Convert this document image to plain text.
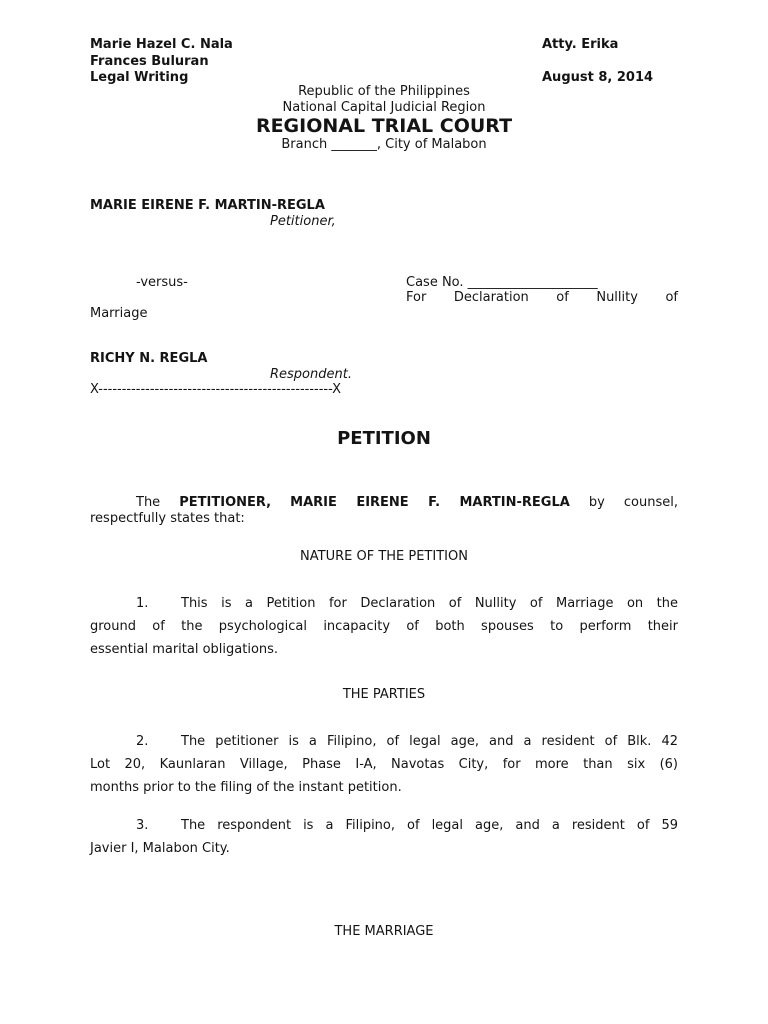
Marie Hazel C. Nala	Atty. Erika
Frances Buluran
Legal Writing	August 8, 2014
Republic of the Philippines
National Capital Judicial Region
REGIONAL TRIAL COURT
Branch _______, City of Malabon
MARIE EIRENE F. MARTIN-REGLA
Petitioner,
-versus-	Case No. ____________________
For Declaration of Nullity of
Marriage
RICHY N. REGLA
Respondent.
X--------------------------------------------------X
PETITION
The PETITIONER, MARIE EIRENE F. MARTIN-REGLA by counsel,
respectfully states that:
NATURE OF THE PETITION
1.	This is a Petition for Declaration of Nullity of Marriage on the
ground of the psychological incapacity of both spouses to perform their
essential marital obligations.
THE PARTIES
2.	The petitioner is a Filipino, of legal age, and a resident of Blk. 42
Lot 20, Kaunlaran Village, Phase I-A, Navotas City, for more than six (6)
months prior to the filing of the instant petition.
3.	The respondent is a Filipino, of legal age, and a resident of 59
Javier I, Malabon City.
THE MARRIAGE
